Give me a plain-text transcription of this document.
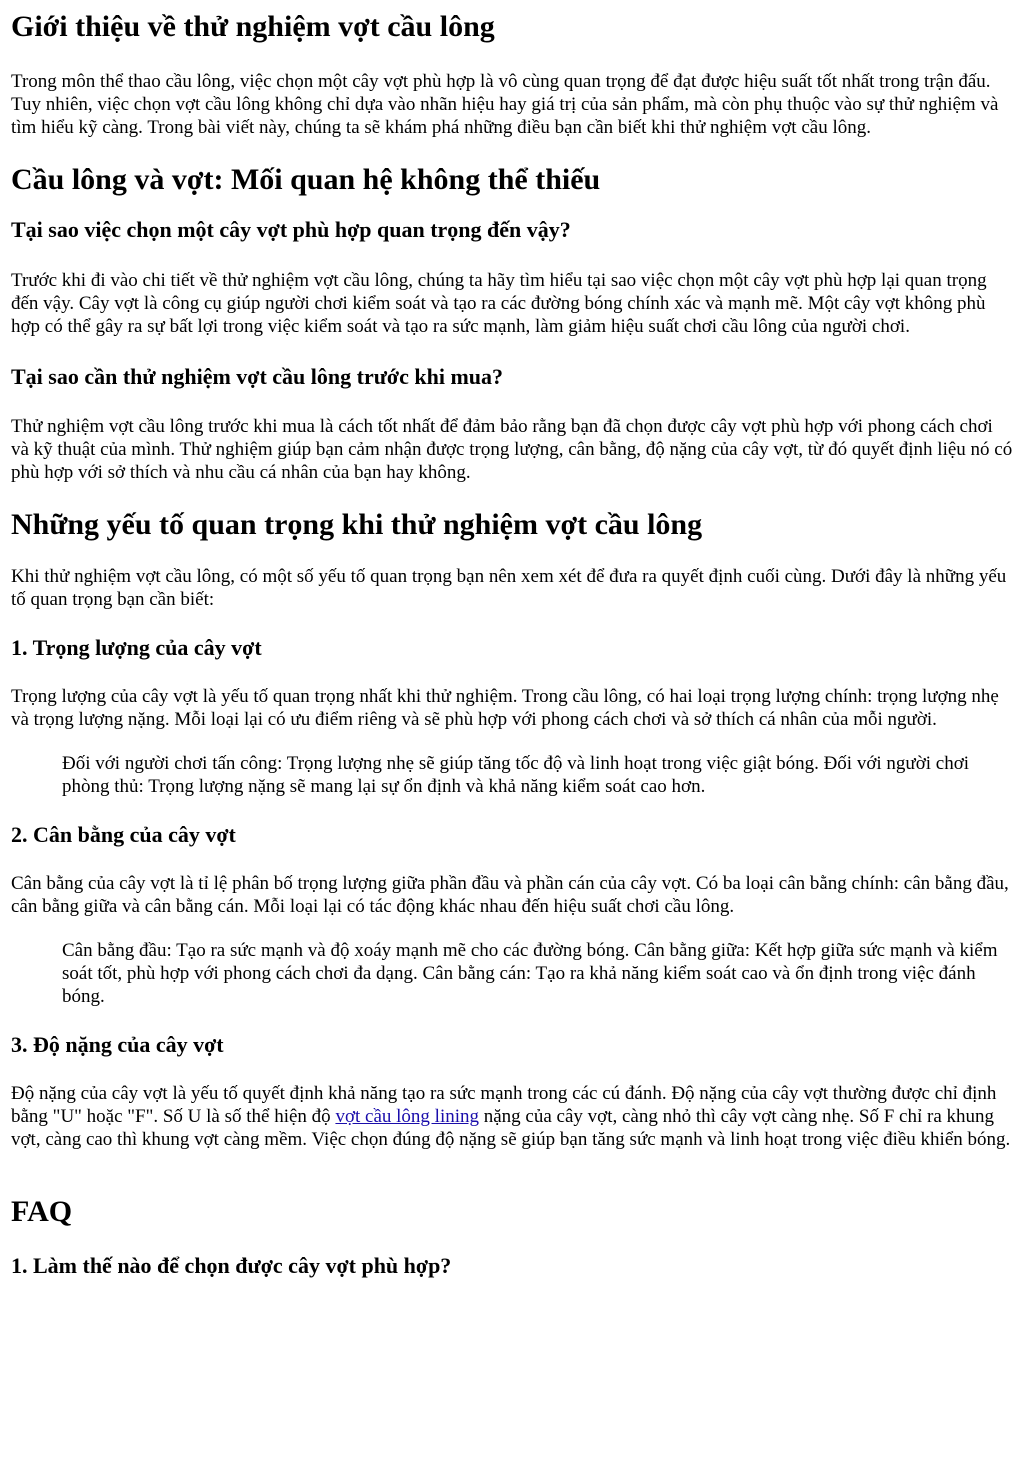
Giới thiệu về thử nghiệm vợt cầu lông

Trong môn thể thao cầu lông, việc chọn một cây vợt phù hợp là vô cùng quan trọng để đạt được hiệu suất tốt nhất trong trận đấu. Tuy nhiên, việc chọn vợt cầu lông không chỉ dựa vào nhãn hiệu hay giá trị của sản phẩm, mà còn phụ thuộc vào sự thử nghiệm và tìm hiểu kỹ càng. Trong bài viết này, chúng ta sẽ khám phá những điều bạn cần biết khi thử nghiệm vợt cầu lông.

Cầu lông và vợt: Mối quan hệ không thể thiếu
Tại sao việc chọn một cây vợt phù hợp quan trọng đến vậy?

Trước khi đi vào chi tiết về thử nghiệm vợt cầu lông, chúng ta hãy tìm hiểu tại sao việc chọn một cây vợt phù hợp lại quan trọng đến vậy. Cây vợt là công cụ giúp người chơi kiểm soát và tạo ra các đường bóng chính xác và mạnh mẽ. Một cây vợt không phù hợp có thể gây ra sự bất lợi trong việc kiểm soát và tạo ra sức mạnh, làm giảm hiệu suất chơi cầu lông của người chơi.

Tại sao cần thử nghiệm vợt cầu lông trước khi mua?

Thử nghiệm vợt cầu lông trước khi mua là cách tốt nhất để đảm bảo rằng bạn đã chọn được cây vợt phù hợp với phong cách chơi và kỹ thuật của mình. Thử nghiệm giúp bạn cảm nhận được trọng lượng, cân bằng, độ nặng của cây vợt, từ đó quyết định liệu nó có phù hợp với sở thích và nhu cầu cá nhân của bạn hay không.

Những yếu tố quan trọng khi thử nghiệm vợt cầu lông

Khi thử nghiệm vợt cầu lông, có một số yếu tố quan trọng bạn nên xem xét để đưa ra quyết định cuối cùng. Dưới đây là những yếu tố quan trọng bạn cần biết:

1. Trọng lượng của cây vợt

Trọng lượng của cây vợt là yếu tố quan trọng nhất khi thử nghiệm. Trong cầu lông, có hai loại trọng lượng chính: trọng lượng nhẹ và trọng lượng nặng. Mỗi loại lại có ưu điểm riêng và sẽ phù hợp với phong cách chơi và sở thích cá nhân của mỗi người.

Đối với người chơi tấn công: Trọng lượng nhẹ sẽ giúp tăng tốc độ và linh hoạt trong việc giật bóng. Đối với người chơi phòng thủ: Trọng lượng nặng sẽ mang lại sự ổn định và khả năng kiểm soát cao hơn.
2. Cân bằng của cây vợt

Cân bằng của cây vợt là tỉ lệ phân bố trọng lượng giữa phần đầu và phần cán của cây vợt. Có ba loại cân bằng chính: cân bằng đầu, cân bằng giữa và cân bằng cán. Mỗi loại lại có tác động khác nhau đến hiệu suất chơi cầu lông.

Cân bằng đầu: Tạo ra sức mạnh và độ xoáy mạnh mẽ cho các đường bóng. Cân bằng giữa: Kết hợp giữa sức mạnh và kiểm soát tốt, phù hợp với phong cách chơi đa dạng. Cân bằng cán: Tạo ra khả năng kiểm soát cao và ổn định trong việc đánh bóng.
3. Độ nặng của cây vợt

Độ nặng của cây vợt là yếu tố quyết định khả năng tạo ra sức mạnh trong các cú đánh. Độ nặng của cây vợt thường được chỉ định bằng "U" hoặc "F". Số U là số thể hiện độ vợt cầu lông lining nặng của cây vợt, càng nhỏ thì cây vợt càng nhẹ. Số F chỉ ra khung vợt, càng cao thì khung vợt càng mềm. Việc chọn đúng độ nặng sẽ giúp bạn tăng sức mạnh và linh hoạt trong việc điều khiển bóng.

FAQ
1. Làm thế nào để chọn được cây vợt phù hợp?
